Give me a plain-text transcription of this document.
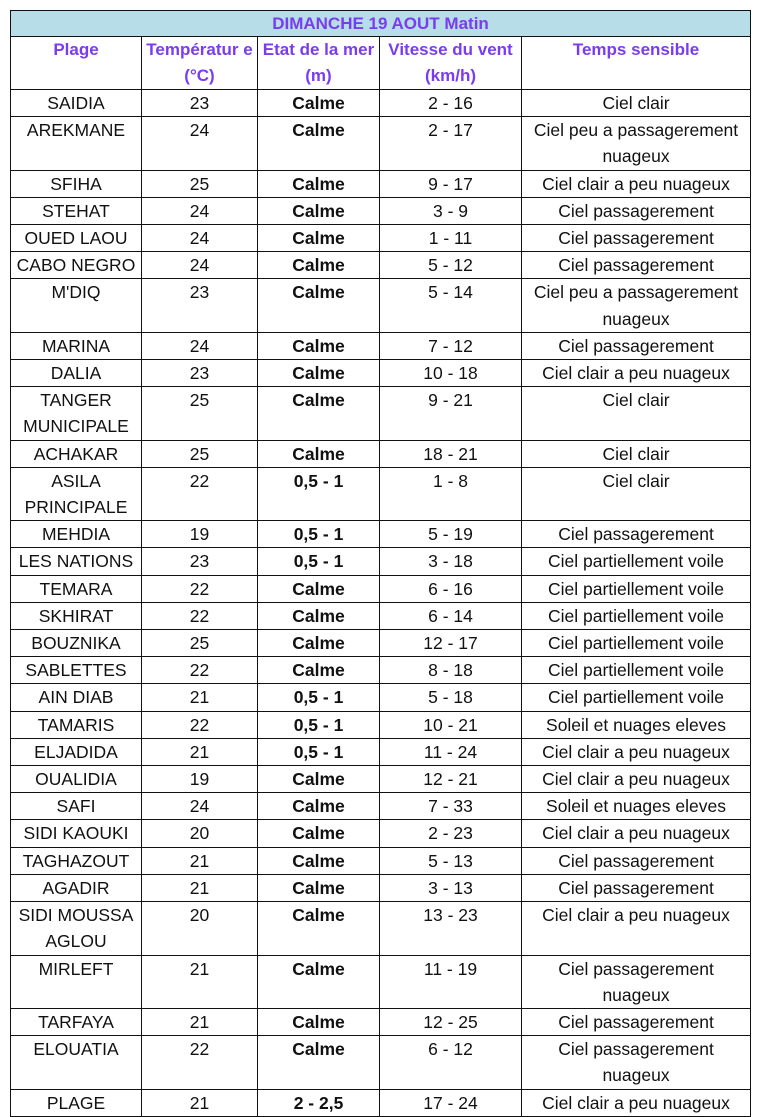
DIMANCHE 19 AOUT Matin				
Plage	Températur e (°C)	Etat de la mer (m)	Vitesse du vent (km/h)	Temps sensible
SAIDIA	23	Calme	2 - 16	Ciel clair
AREKMANE	24	Calme	2 - 17	Ciel peu a passagerement nuageux
SFIHA	25	Calme	9 - 17	Ciel clair a peu nuageux
STEHAT	24	Calme	3 - 9	Ciel passagerement
OUED LAOU	24	Calme	1 - 11	Ciel passagerement
CABO NEGRO	24	Calme	5 - 12	Ciel passagerement
M'DIQ	23	Calme	5 - 14	Ciel peu a passagerement nuageux
MARINA	24	Calme	7 - 12	Ciel passagerement
DALIA	23	Calme	10 - 18	Ciel clair a peu nuageux
TANGER MUNICIPALE	25	Calme	9 - 21	Ciel clair
ACHAKAR	25	Calme	18 - 21	Ciel clair
ASILA PRINCIPALE	22	0,5 - 1	1 - 8	Ciel clair
MEHDIA	19	0,5 - 1	5 - 19	Ciel passagerement
LES NATIONS	23	0,5 - 1	3 - 18	Ciel partiellement voile
TEMARA	22	Calme	6 - 16	Ciel partiellement voile
SKHIRAT	22	Calme	6 - 14	Ciel partiellement voile
BOUZNIKA	25	Calme	12 - 17	Ciel partiellement voile
SABLETTES	22	Calme	8 - 18	Ciel partiellement voile
AIN DIAB	21	0,5 - 1	5 - 18	Ciel partiellement voile
TAMARIS	22	0,5 - 1	10 - 21	Soleil et nuages eleves
ELJADIDA	21	0,5 - 1	11 - 24	Ciel clair a peu nuageux
OUALIDIA	19	Calme	12 - 21	Ciel clair a peu nuageux
SAFI	24	Calme	7 - 33	Soleil et nuages eleves
SIDI KAOUKI	20	Calme	2 - 23	Ciel clair a peu nuageux
TAGHAZOUT	21	Calme	5 - 13	Ciel passagerement
AGADIR	21	Calme	3 - 13	Ciel passagerement
SIDI MOUSSA AGLOU	20	Calme	13 - 23	Ciel clair a peu nuageux
MIRLEFT	21	Calme	11 - 19	Ciel passagerement nuageux
TARFAYA	21	Calme	12 - 25	Ciel passagerement
ELOUATIA	22	Calme	6 - 12	Ciel passagerement nuageux
PLAGE	21	2 - 2,5	17 - 24	Ciel clair a peu nuageux
